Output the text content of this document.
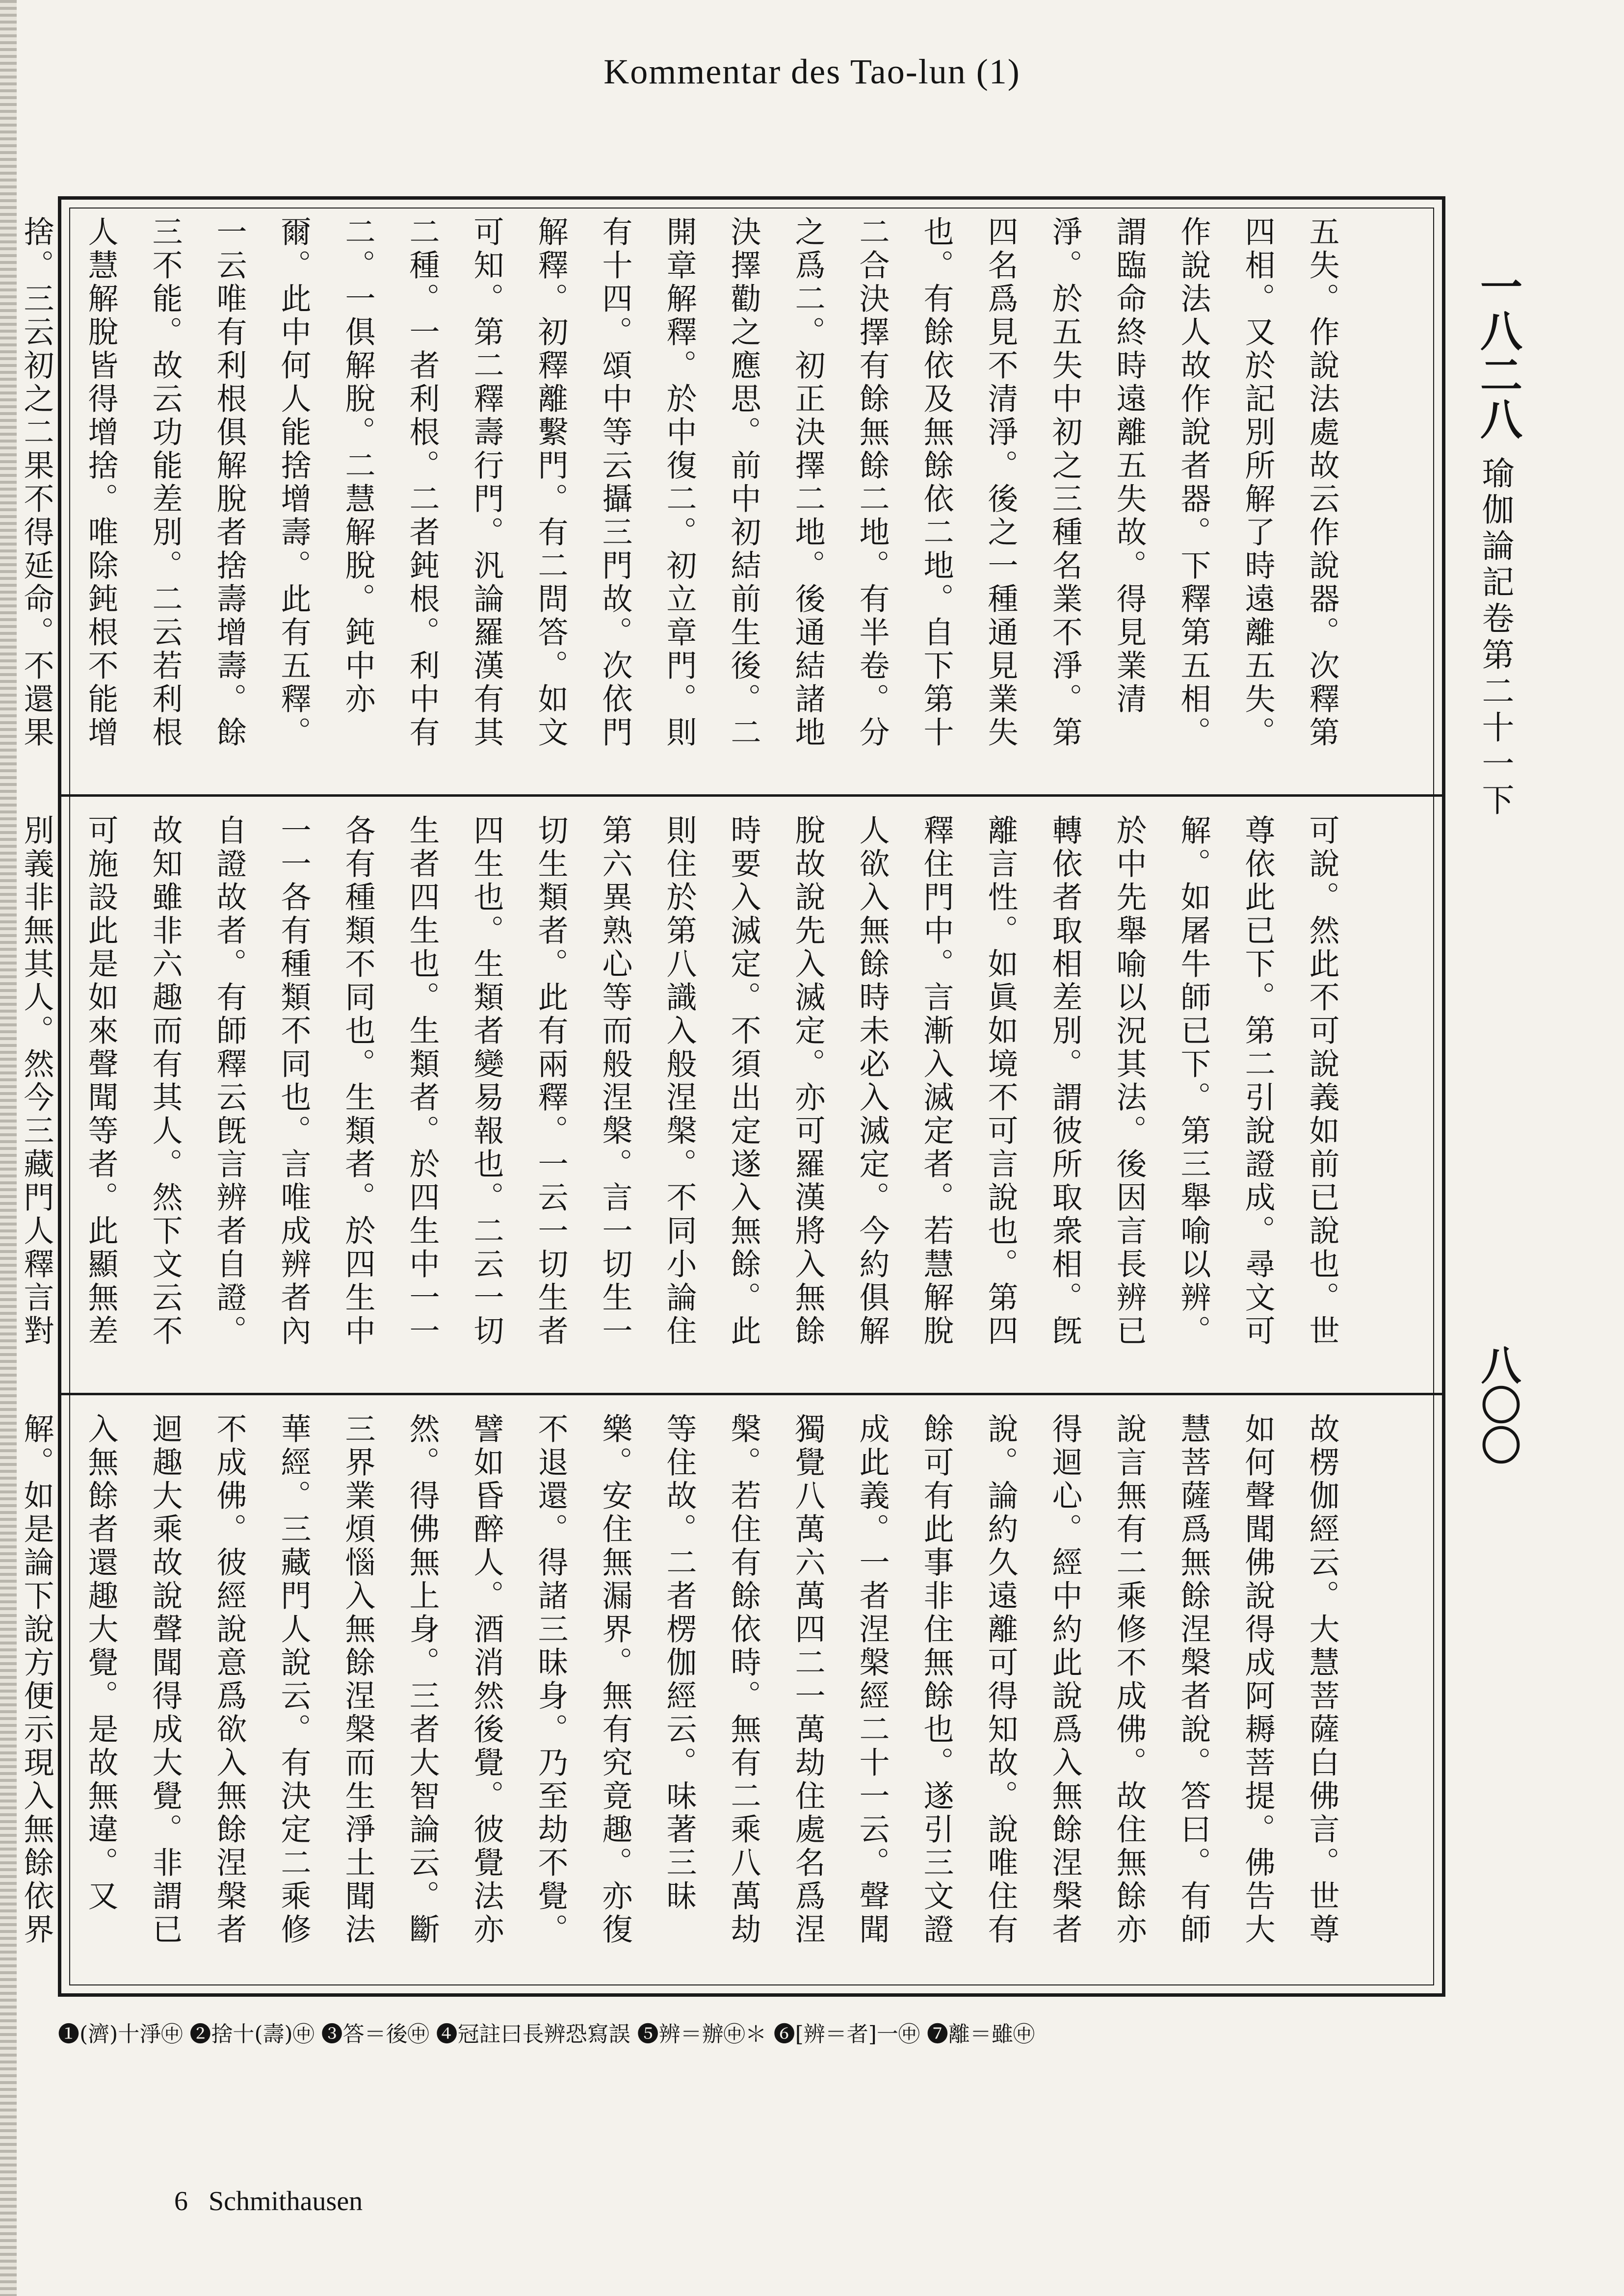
Kommentar des Tao-lun (1)
五失。作說法處故云作說器。次釋第四相。又於記別所解了時遠離五失。作說法人故作說者器。下釋第五相。謂臨命終時遠離五失故。得見業清淨。於五失中初之三種名業不淨。第四名爲見不清淨。後之一種通見業失也。有餘依及無餘依二地。自下第十二合決擇有餘無餘二地。有半卷。分之爲二。初正決擇二地。後通結諸地決擇勸之應思。前中初結前生後。二開章解釋。於中復二。初立章門。則有十四。頌中等云攝三門故。次依門解釋。初釋離繫門。有二問答。如文可知。第二釋壽行門。汎論羅漢有其二種。一者利根。二者鈍根。利中有二。一俱解脫。二慧解脫。鈍中亦爾。此中何人能捨增壽。此有五釋。一云唯有利根俱解脫者捨壽增壽。餘三不能。故云功能差別。二云若利根人慧解脫皆得增捨。唯除鈍根不能增捨。三云初之二果不得延命。不還果
可說。然此不可說義如前已說也。世尊依此已下。第二引說證成。尋文可解。如屠牛師已下。第三舉喻以辨。於中先舉喻以況其法。後因言長辨已轉依者取相差別。謂彼所取衆相。旣離言性。如眞如境不可言說也。第四釋住門中。言漸入滅定者。若慧解脫人欲入無餘時未必入滅定。今約俱解脫故說先入滅定。亦可羅漢將入無餘時要入滅定。不須出定遂入無餘。此則住於第八識入般涅槃。不同小論住第六異熟心等而般涅槃。言一切生一切生類者。此有兩釋。一云一切生者四生也。生類者變易報也。二云一切生者四生也。生類者。於四生中一一各有種類不同也。生類者。於四生中一一各有種類不同也。言唯成辨者內自證故者。有師釋云旣言辨者自證。故知雖非六趣而有其人。然下文云不可施設此是如來聲聞等者。此顯無差別義非無其人。然今三藏門人釋言對
故楞伽經云。大慧菩薩白佛言。世尊如何聲聞佛說得成阿耨菩提。佛告大慧菩薩爲無餘涅槃者說。答曰。有師說言無有二乘修不成佛。故住無餘亦得迴心。經中約此說爲入無餘涅槃者說。論約久遠離可得知故。說唯住有餘可有此事非住無餘也。遂引三文證成此義。一者涅槃經二十一云。聲聞獨覺八萬六萬四二一萬劫住處名爲涅槃。若住有餘依時。無有二乘八萬劫等住故。二者楞伽經云。味著三昧樂。安住無漏界。無有究竟趣。亦復不退還。得諸三昧身。乃至劫不覺。譬如昏醉人。酒消然後覺。彼覺法亦然。得佛無上身。三者大智論云。斷三界業煩惱入無餘涅槃而生淨土聞法華經。三藏門人說云。有決定二乘修不成佛。彼經說意爲欲入無餘涅槃者迴趣大乘故說聲聞得成大覺。非謂已入無餘者還趣大覺。是故無違。又解。如是論下說方便示現入無餘依界
一八二八
瑜伽論記卷第二十一下
八〇〇
❶(濟)十淨㊥ ❷捨十(壽)㊥ ❸答＝後㊥ ❹冠註曰長辨恐寫誤 ❺辨＝辦㊥＊ ❻[辨＝者]一㊥ ❼離＝雖㊥
6 Schmithausen
